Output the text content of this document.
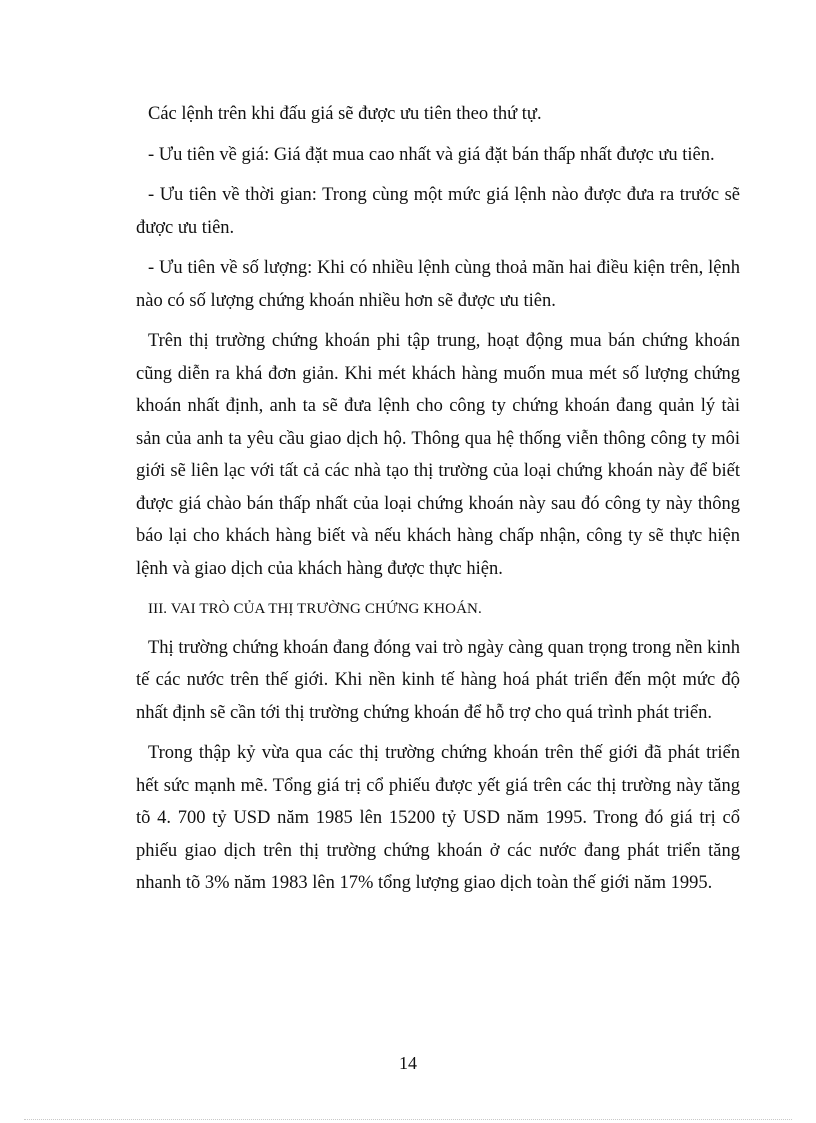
Các lệnh trên khi đấu giá sẽ được ưu tiên theo thứ tự.

- Ưu tiên về giá: Giá đặt mua cao nhất và giá đặt bán thấp nhất được ưu tiên.

- Ưu tiên về thời gian: Trong cùng một mức giá lệnh nào được đưa ra trước sẽ được ưu tiên.

- Ưu tiên về số lượng: Khi có nhiều lệnh cùng thoả mãn hai điều kiện trên, lệnh nào có số lượng chứng khoán nhiều hơn sẽ được ưu tiên.

Trên thị trường chứng khoán phi tập trung, hoạt động mua bán chứng khoán cũng diễn ra khá đơn giản. Khi mét khách hàng muốn mua mét số lượng chứng khoán nhất định, anh ta sẽ đưa lệnh cho công ty chứng khoán đang quản lý tài sản của anh ta yêu cầu giao dịch hộ. Thông qua hệ thống viễn thông công ty môi giới sẽ liên lạc với tất cả các nhà tạo thị trường của loại chứng khoán này để biết được giá chào bán thấp nhất của loại chứng khoán này sau đó công ty này thông báo lại cho khách hàng biết và nếu khách hàng chấp nhận, công ty sẽ thực hiện lệnh và giao dịch của khách hàng được thực hiện.

III. VAI TRÒ CỦA THỊ TRƯỜNG CHỨNG KHOÁN.

Thị trường chứng khoán đang đóng vai trò ngày càng quan trọng trong nền kinh tế các nước trên thế giới. Khi nền kinh tế hàng hoá phát triển đến một mức độ nhất định sẽ cần tới thị trường chứng khoán để hỗ trợ cho quá trình phát triển.

Trong thập kỷ vừa qua các thị trường chứng khoán trên thế giới đã phát triển hết sức mạnh mẽ. Tổng giá trị cổ phiếu được yết giá trên các thị trường này tăng tõ 4. 700 tỷ USD năm 1985 lên 15200 tỷ USD năm 1995. Trong đó giá trị cổ phiếu giao dịch trên thị trường chứng khoán ở các nước đang phát triển tăng nhanh tõ 3% năm 1983 lên 17% tổng lượng giao dịch toàn thế giới năm 1995.

14
